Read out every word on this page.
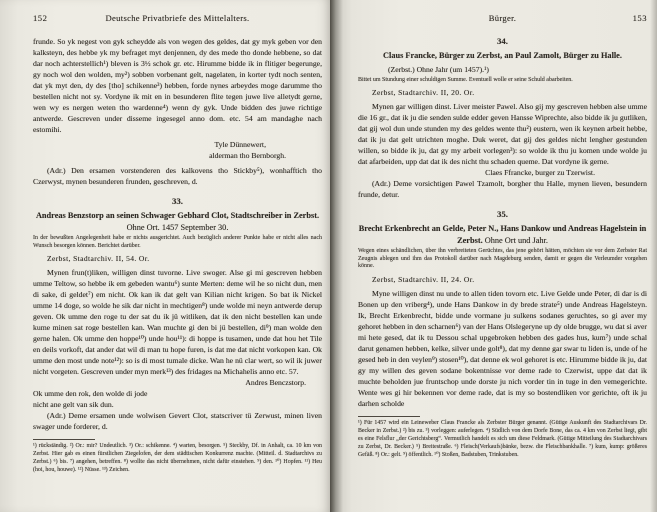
152	Deutsche Privatbriefe des Mittelalters.
frunde. So yk negest von gyk scheydde als von wegen des geldes, dat gy myk geben vor den kalksteyn, des hebbe yk my befraget myt denjennen, dy des mede tho donde hebbene, so dat dar noch achterstellich¹) bleven is 3½ schok gr. etc. Hirumme bidde ik in flitiger begerunge, gy noch wol den wolden, my²) sobben vorbenant gelt, nagelaten, in korter tydt noch senten, dat yk myt den, dy des [tho] schikenne³) hebben, forde nynes arbeydes moge darumme tho bestellen nicht not sy. Vordyne ik mit en in besunderen flite tegen juwe live alletydt gerne, wen wy es nergen weten tho wardenne⁴) wenn dy gyk. Unde bidden des juwe richtige antwerde. Gescreven under disseme ingesegel anno dom. etc. 54 am mandaghe nach estomihi.
Tyle Dünnewert,
alderman tho Bernborgh.
(Adr.) Den ersamen vorstenderen des kalkovens tho Stickby⁵), wonhafftich tho Czerwyst, mynen besunderen frunden, geschreven, d.
33.
Andreas Benzstorp an seinen Schwager Gebhard Clot, Stadtschreiber in Zerbst. Ohne Ort. 1457 September 30.
In der bewußten Angelegenheit habe er nichts ausgerichtet. Auch bezüglich anderer Punkte habe er nicht alles nach Wunsch besorgen können. Berichtet darüber.
Zerbst, Stadtarchiv. II, 54. Or.
Mynen frun(t)liken, willigen dinst tuvorne. Live swoger. Alse gi mi gescreven hebben umme Teltow, so hebbe ik em gebeden wantu⁶) sunte Merten: deme wil he so nicht dun, men di sake, di geldet⁷) em nicht. Ok kan ik dat gelt van Kilian nicht krigen. So bat ik Nickel umme 14 doge, so wolde he sik dar nicht in mechtigen⁸) unde wolde mi neyn antwerde derup geven. Ok umme den roge tu der sat du ik jü witliken, dat ik den nicht bestellen kan unde kume minen sat roge bestellen kan. Wan muchte gi den bi jü bestellen, di⁹) man wolde den gerne halen. Ok umme den hoppe¹⁰) unde hou¹¹): di hoppe is tusamen, unde dat hou het Tile en deils vorkoft, dat ander dat wil di man tu hope furen, is dat me dat nicht vorkopen kan. Ok umme den most unde note¹²): so is di most tumale dicke. Wan he nü clar wert, so wil ik juwer nicht vorgeten. Gescreven under myn merk¹³) des fridages na Michahelis anno etc. 57.
Andres Benczstorp.
Ok umme den rok, den wolde di jode
nicht ane gelt van sik dun.
(Adr.) Deme ersamen unde wolwisen Gevert Clot, statscriver tü Zerwust, minen liven swager unde forderer, d.
¹) rückständig. ²) Or.: mir? Undeutlich. ³) Or.: schikenne. ⁴) warten, besorgen. ⁵) Steckby, Df. in Anhalt, ca. 10 km von Zerbst. Hier gab es einen fürstlichen Ziegelofen, der dem städtischen Konkurrenz machte. (Mitteil. d. Stadtarchivs zu Zerbst.) ⁶) bis. ⁷) angehen, betreffen. ⁸) wollte das nicht übernehmen, nicht dafür einstehen. ⁹) den. ¹⁰) Hopfen. ¹¹) Heu (hoi, hou, houwe). ¹²) Nüsse. ¹³) Zeichen.
Bürger.	153
34.
Claus Francke, Bürger zu Zerbst, an Paul Zamolt, Bürger zu Halle.
(Zerbst.) Ohne Jahr (um 1457).¹)
Bittet um Stundung einer schuldigen Summe. Eventuell wolle er seine Schuld abarbeiten.
Zerbst, Stadtarchiv. II, 20. Or.
Mynen gar willigen dinst. Liver meister Pawel. Also gij my gescreven hebben alse umme die 16 gr., dat ik ju die senden sulde edder geven Hansse Wiprechte, also bidde ik ju gutliken, dat gij wol dun unde stunden my des geldes wente thu²) eustern, wen ik keynen arbeit hebbe, dat ik ju dat gelt utrichten moghe. Duk weret, dat gij des geldes nicht lengher gestunden willen, so bidde ik ju, dat gy my arbeit vorlegen³): so wolde ik thu ju komen unde wolde ju dat afarbeiden, upp dat dat ik des nicht thu schaden queme. Dat vordyne ik gerne.
Claes Ffrancke, burger zu Tzerwist.
(Adr.) Deme vorsichtigen Pawel Tzamolt, borgher thu Halle, mynen lieven, besundern frunde, detur.
35.
Brecht Erkenbrecht an Gelde, Peter N., Hans Dankow und Andreas Hagelstein in Zerbst. Ohne Ort und Jahr.
Wegen eines schändlichen, über ihn verbreiteten Gerüchtes, das jene gehört hätten, möchten sie vor dem Zerbster Rat Zeugnis ablegen und ihm das Protokoll darüber nach Magdeburg senden, damit er gegen die Verleumder vorgehen könne.
Zerbst, Stadtarchiv. II, 24. Or.
Myne willigen dinst nu unde to allen tiden tovorn etc. Live Gelde unde Peter, di dar is di Bonen up den vriberg⁴), unde Hans Dankow in dy brede strate⁵) unde Andreas Hagelsteyn. Ik, Brecht Erkenbrecht, bidde unde vormane ju sulkens sodanes geruchtes, so gi aver my gehoret hebben in den scharnen⁶) van der Hans Olslegeryne up dy olde brugge, wu dat si aver mi hete gesed, dat ik tu Dessou schal upgebroken hebben des gades hus, kum⁷) unde schal darut genamen hebben, kelke, silver unde golt⁸), dat my denne gar swar tu liden is, unde of he gesed heb in den veylen⁹) stosen¹⁰), dat denne ek wol gehoret is etc. Hirumme bidde ik ju, dat gy my willen des geven sodane bokentnisse vor deme rade to Czerwist, uppe dat dat ik muchte beholden jue fruntschop unde dorste ju nich vorder tin in tuge in den vemegerichte. Wente wes gi hir bekennen vor deme rade, dat is my so bostendliken vor gerichte, oft ik ju darhen scholde
¹) Für 1457 wird ein Leineweber Claus Francke als Zerbster Bürger genannt. (Gütige Auskunft des Stadtarchivars Dr. Becker in Zerbst.) ²) bis zu. ³) vorleggen: auferlegen. ⁴) Südlich von dem Dorfe Bone, das ca. 4 km von Zerbst liegt, gibt es eine Felsflur „der Gerichtsberg“. Vermutlich handelt es sich um diese Feldmark. (Gütige Mitteilung des Stadtarchivars zu Zerbst, Dr. Becker.) ⁵) Breitestraße. ⁶) Fleisch(Verkaufs)bänke, bezw. die Fleischbankhalle. ⁷) kum, kump: größeres Gefäß. ⁸) Or.: gelt. ⁹) öffentlich. ¹⁰) Stoßen, Badstuben, Trinkstuben.
